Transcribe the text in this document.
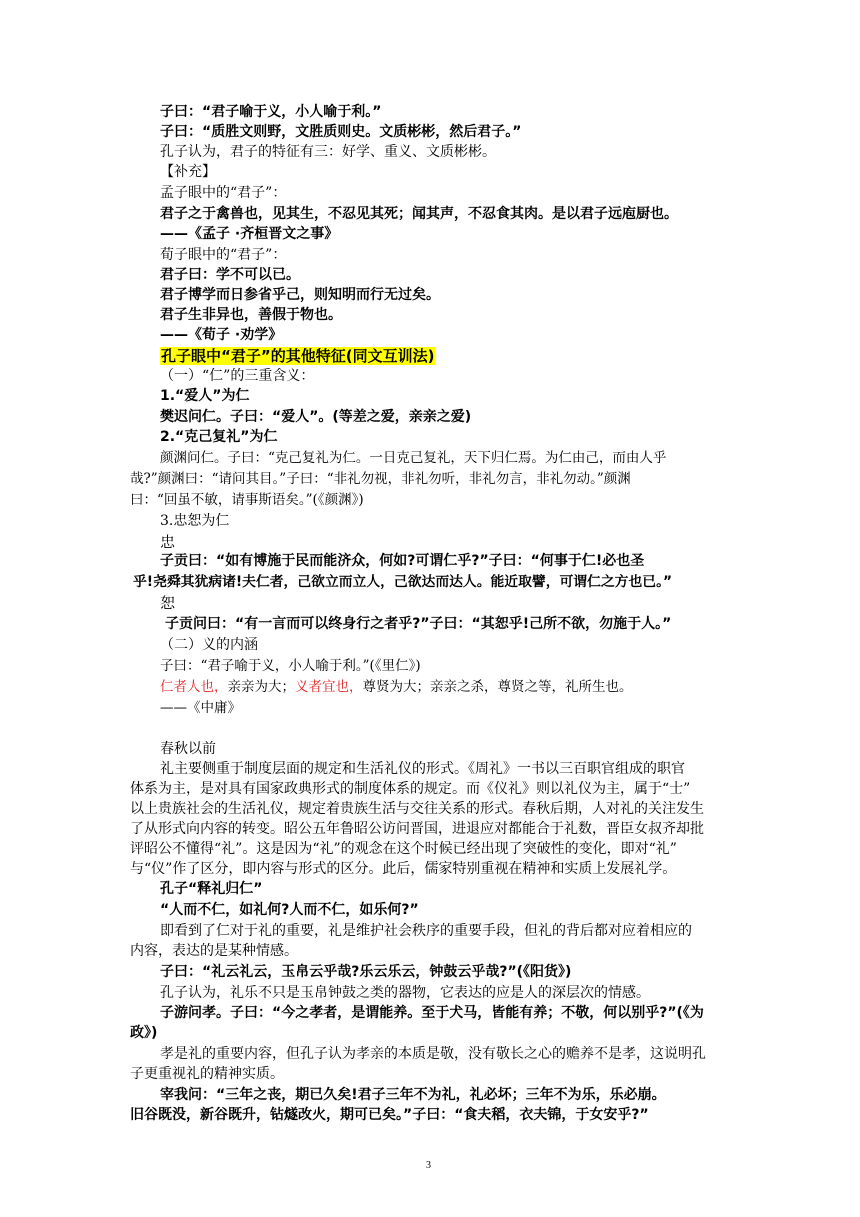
子曰：“君子喻于义，小人喻于利。”
子曰：“质胜文则野，文胜质则史。文质彬彬，然后君子。”
孔子认为，君子的特征有三：好学、重义、文质彬彬。
【补充】
孟子眼中的“君子”：
君子之于禽兽也，见其生，不忍见其死；闻其声，不忍食其肉。是以君子远庖厨也。
——《孟子 ·齐桓晋文之事》
荀子眼中的“君子”：
君子曰：学不可以已。
君子博学而日参省乎己，则知明而行无过矣。
君子生非异也，善假于物也。
——《荀子 ·劝学》
孔子眼中“君子”的其他特征(同文互训法)
（一）“仁”的三重含义：
1.“爱人”为仁
樊迟问仁。子曰：“爱人”。(等差之爱，亲亲之爱)
2.“克己复礼”为仁
颜渊问仁。子曰：“克己复礼为仁。一日克己复礼，天下归仁焉。为仁由己，而由人乎
哉?”颜渊曰：“请问其目。”子曰：“非礼勿视，非礼勿听，非礼勿言，非礼勿动。”颜渊
曰：“回虽不敏，请事斯语矣。”(《颜渊》)
3.忠恕为仁
忠
子贡曰：“如有博施于民而能济众，何如?可谓仁乎?”子曰：“何事于仁!必也圣
乎!尧舜其犹病诸!夫仁者，己欲立而立人，己欲达而达人。能近取譬，可谓仁之方也已。”
恕
子贡问曰：“有一言而可以终身行之者乎?”子曰：“其恕乎!己所不欲，勿施于人。”
（二）义的内涵
子曰：“君子喻于义，小人喻于利。”(《里仁》)
仁者人也，亲亲为大；义者宜也，尊贤为大；亲亲之杀，尊贤之等，礼所生也。
——《中庸》
春秋以前
礼主要侧重于制度层面的规定和生活礼仪的形式。《周礼》一书以三百职官组成的职官
体系为主，是对具有国家政典形式的制度体系的规定。而《仪礼》则以礼仪为主，属于“士”
以上贵族社会的生活礼仪，规定着贵族生活与交往关系的形式。春秋后期，人对礼的关注发生
了从形式向内容的转变。昭公五年鲁昭公访问晋国，进退应对都能合于礼数，晋臣女叔齐却批
评昭公不懂得“礼”。这是因为“礼”的观念在这个时候已经出现了突破性的变化，即对“礼”
与“仪”作了区分，即内容与形式的区分。此后，儒家特别重视在精神和实质上发展礼学。
孔子“释礼归仁”
“人而不仁，如礼何?人而不仁，如乐何?”
即看到了仁对于礼的重要，礼是维护社会秩序的重要手段，但礼的背后都对应着相应的
内容，表达的是某种情感。
子曰：“礼云礼云，玉帛云乎哉?乐云乐云，钟鼓云乎哉?”(《阳货》)
孔子认为，礼乐不只是玉帛钟鼓之类的器物，它表达的应是人的深层次的情感。
子游问孝。子曰：“今之孝者，是谓能养。至于犬马，皆能有养；不敬，何以别乎?”(《为
政》)
孝是礼的重要内容，但孔子认为孝亲的本质是敬，没有敬长之心的赡养不是孝，这说明孔
子更重视礼的精神实质。
宰我问：“三年之丧，期已久矣!君子三年不为礼，礼必坏；三年不为乐，乐必崩。
旧谷既没，新谷既升，钻燧改火，期可已矣。”子曰：“食夫稻，衣夫锦，于女安乎?”
3
